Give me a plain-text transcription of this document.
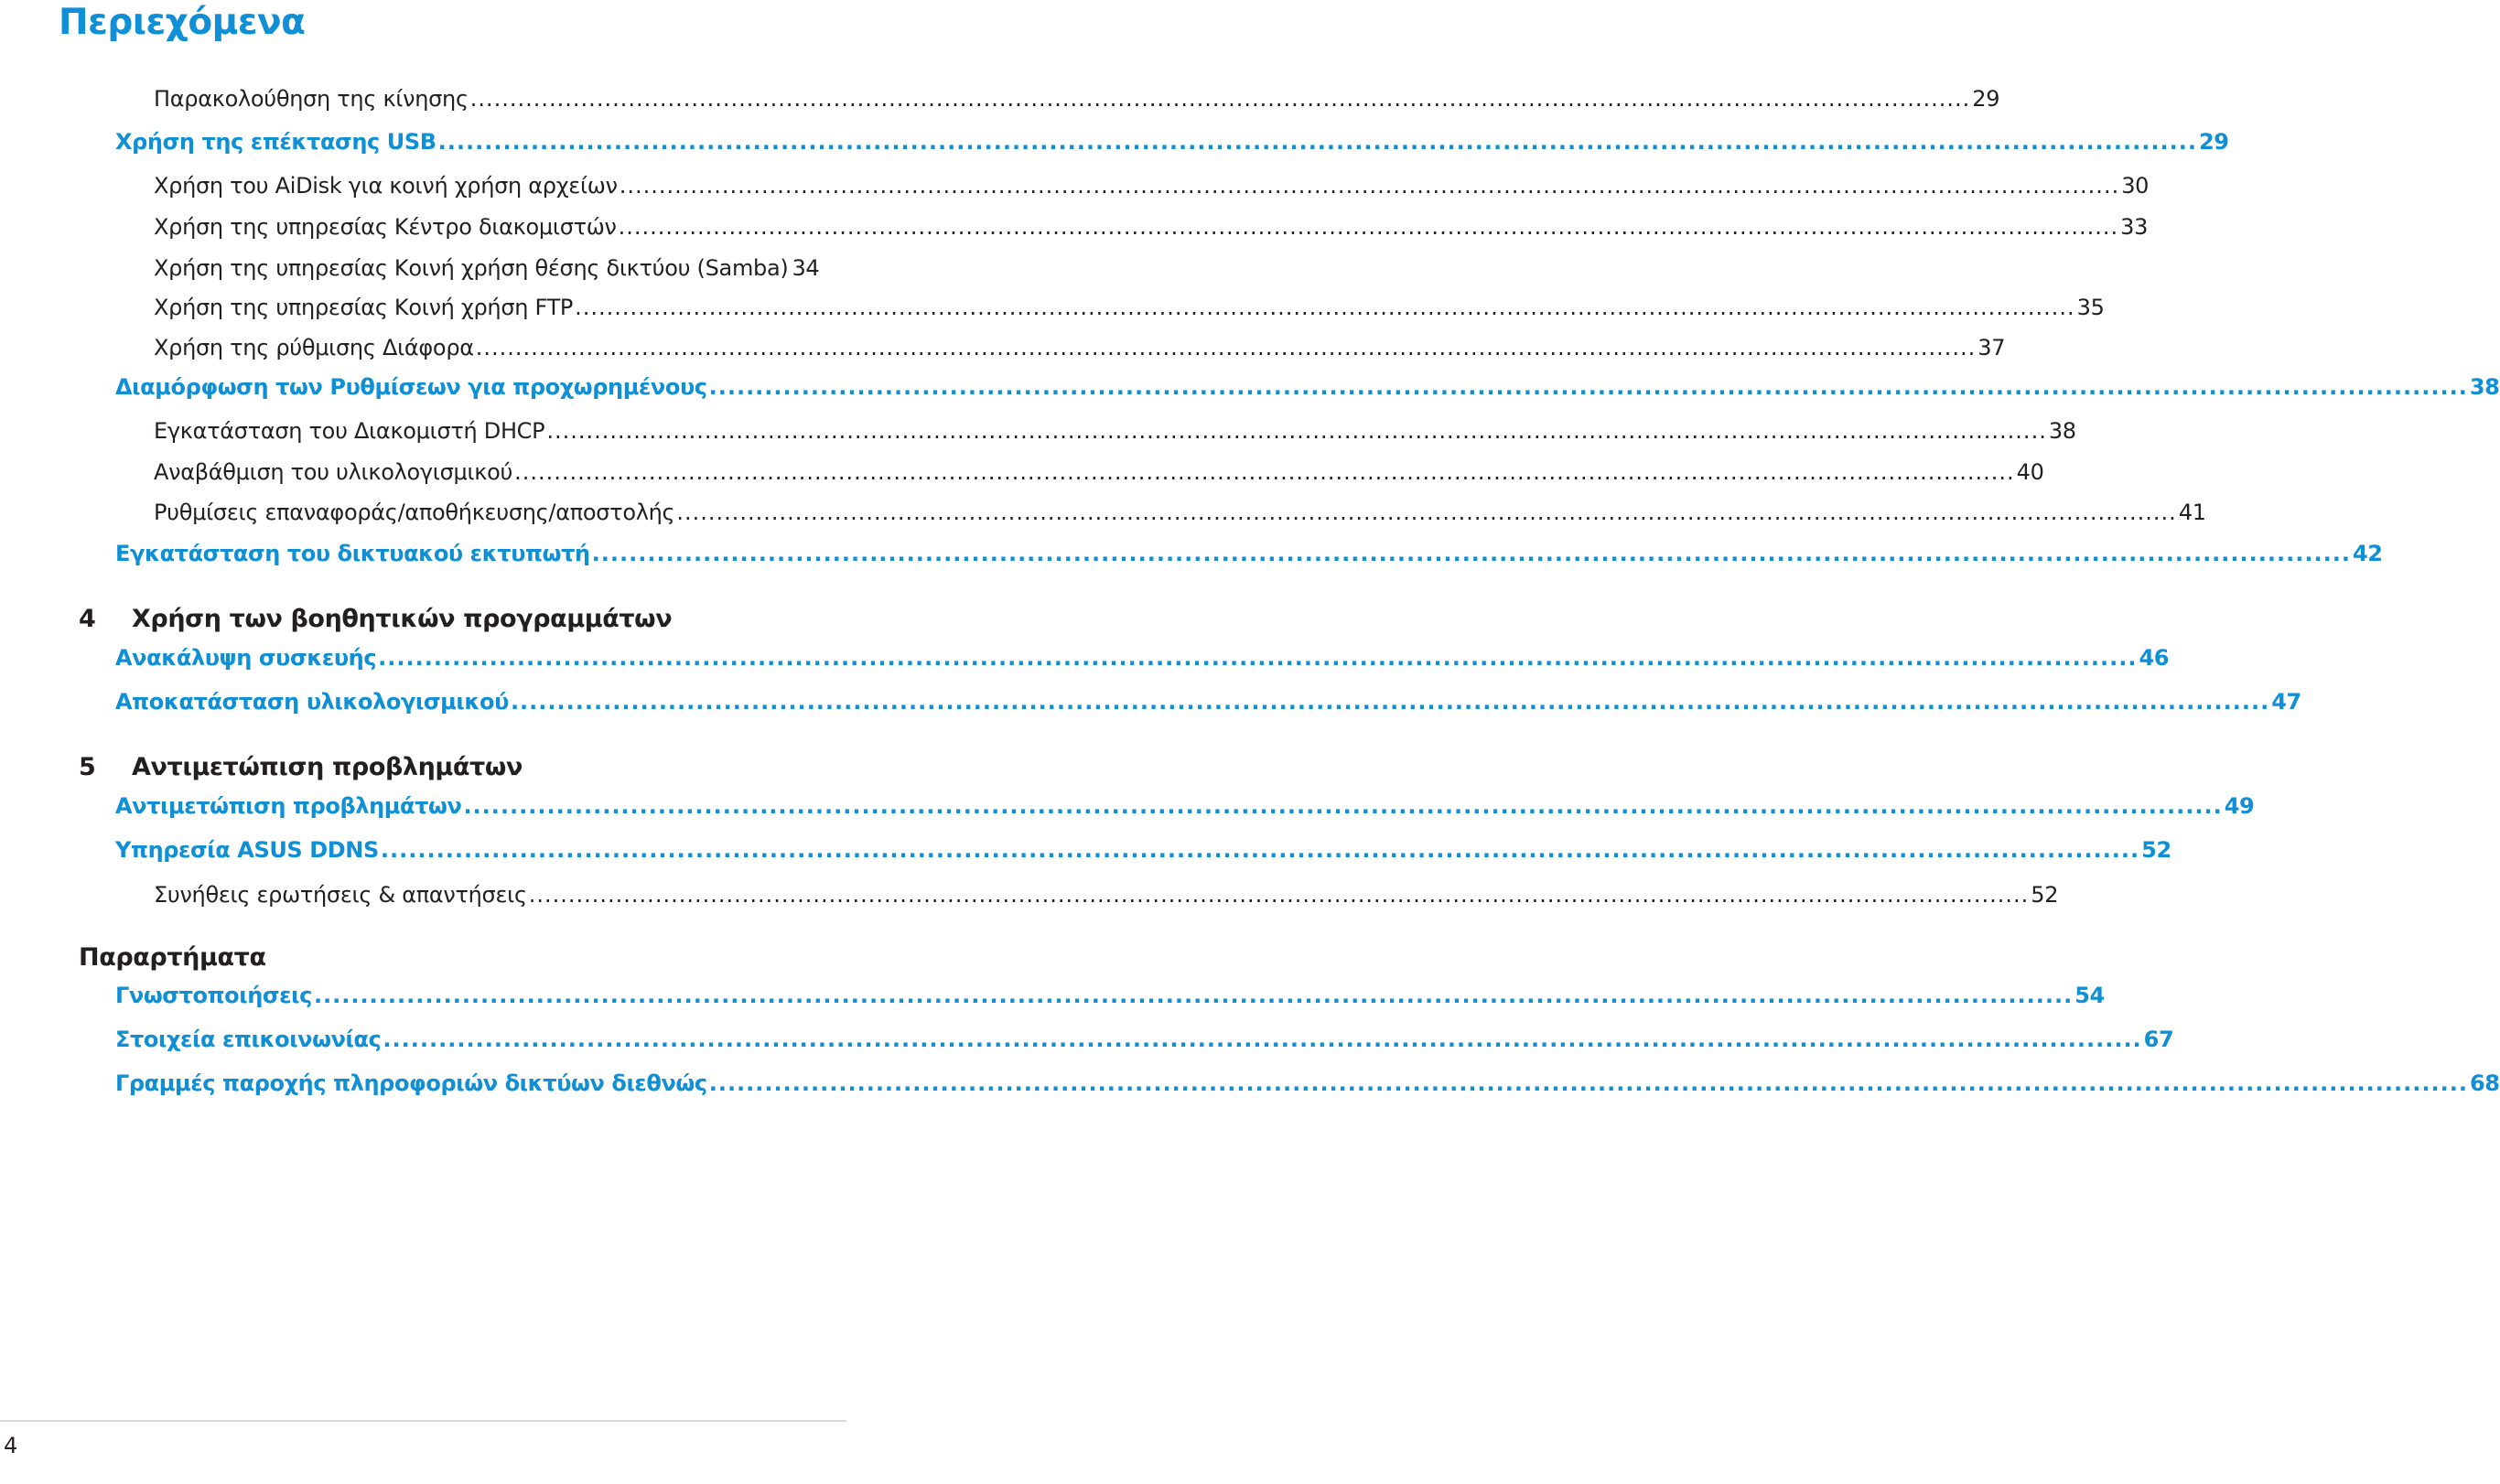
Περιεχόμενα
Παρακολούθηση της κίνησης .............................................................................................................................................................................................. 29
Χρήση της επέκτασης USB .............................................................................................................................................................................................. 29
Χρήση του AiDisk για κοινή χρήση αρχείων .............................................................................................................................................................................................. 30
Χρήση της υπηρεσίας Κέντρο διακομιστών .............................................................................................................................................................................................. 33
Χρήση της υπηρεσίας Κοινή χρήση θέσης δικτύου (Samba) 34
Χρήση της υπηρεσίας Κοινή χρήση FTP .............................................................................................................................................................................................. 35
Χρήση της ρύθμισης Διάφορα .............................................................................................................................................................................................. 37
Διαμόρφωση των Ρυθμίσεων για προχωρημένους .............................................................................................................................................................................................. 38
Εγκατάσταση του Διακομιστή DHCP .............................................................................................................................................................................................. 38
Αναβάθμιση του υλικολογισμικού .............................................................................................................................................................................................. 40
Ρυθμίσεις επαναφοράς/αποθήκευσης/αποστολής .............................................................................................................................................................................................. 41
Εγκατάσταση του δικτυακού εκτυπωτή .............................................................................................................................................................................................. 42
4 Χρήση των βοηθητικών προγραμμάτων
Ανακάλυψη συσκευής .............................................................................................................................................................................................. 46
Αποκατάσταση υλικολογισμικού .............................................................................................................................................................................................. 47
5 Αντιμετώπιση προβλημάτων
Αντιμετώπιση προβλημάτων .............................................................................................................................................................................................. 49
Υπηρεσία ASUS DDNS .............................................................................................................................................................................................. 52
Συνήθεις ερωτήσεις & απαντήσεις .............................................................................................................................................................................................. 52
Παραρτήματα
Γνωστοποιήσεις .............................................................................................................................................................................................. 54
Στοιχεία επικοινωνίας .............................................................................................................................................................................................. 67
Γραμμές παροχής πληροφοριών δικτύων διεθνώς .............................................................................................................................................................................................. 68
4
